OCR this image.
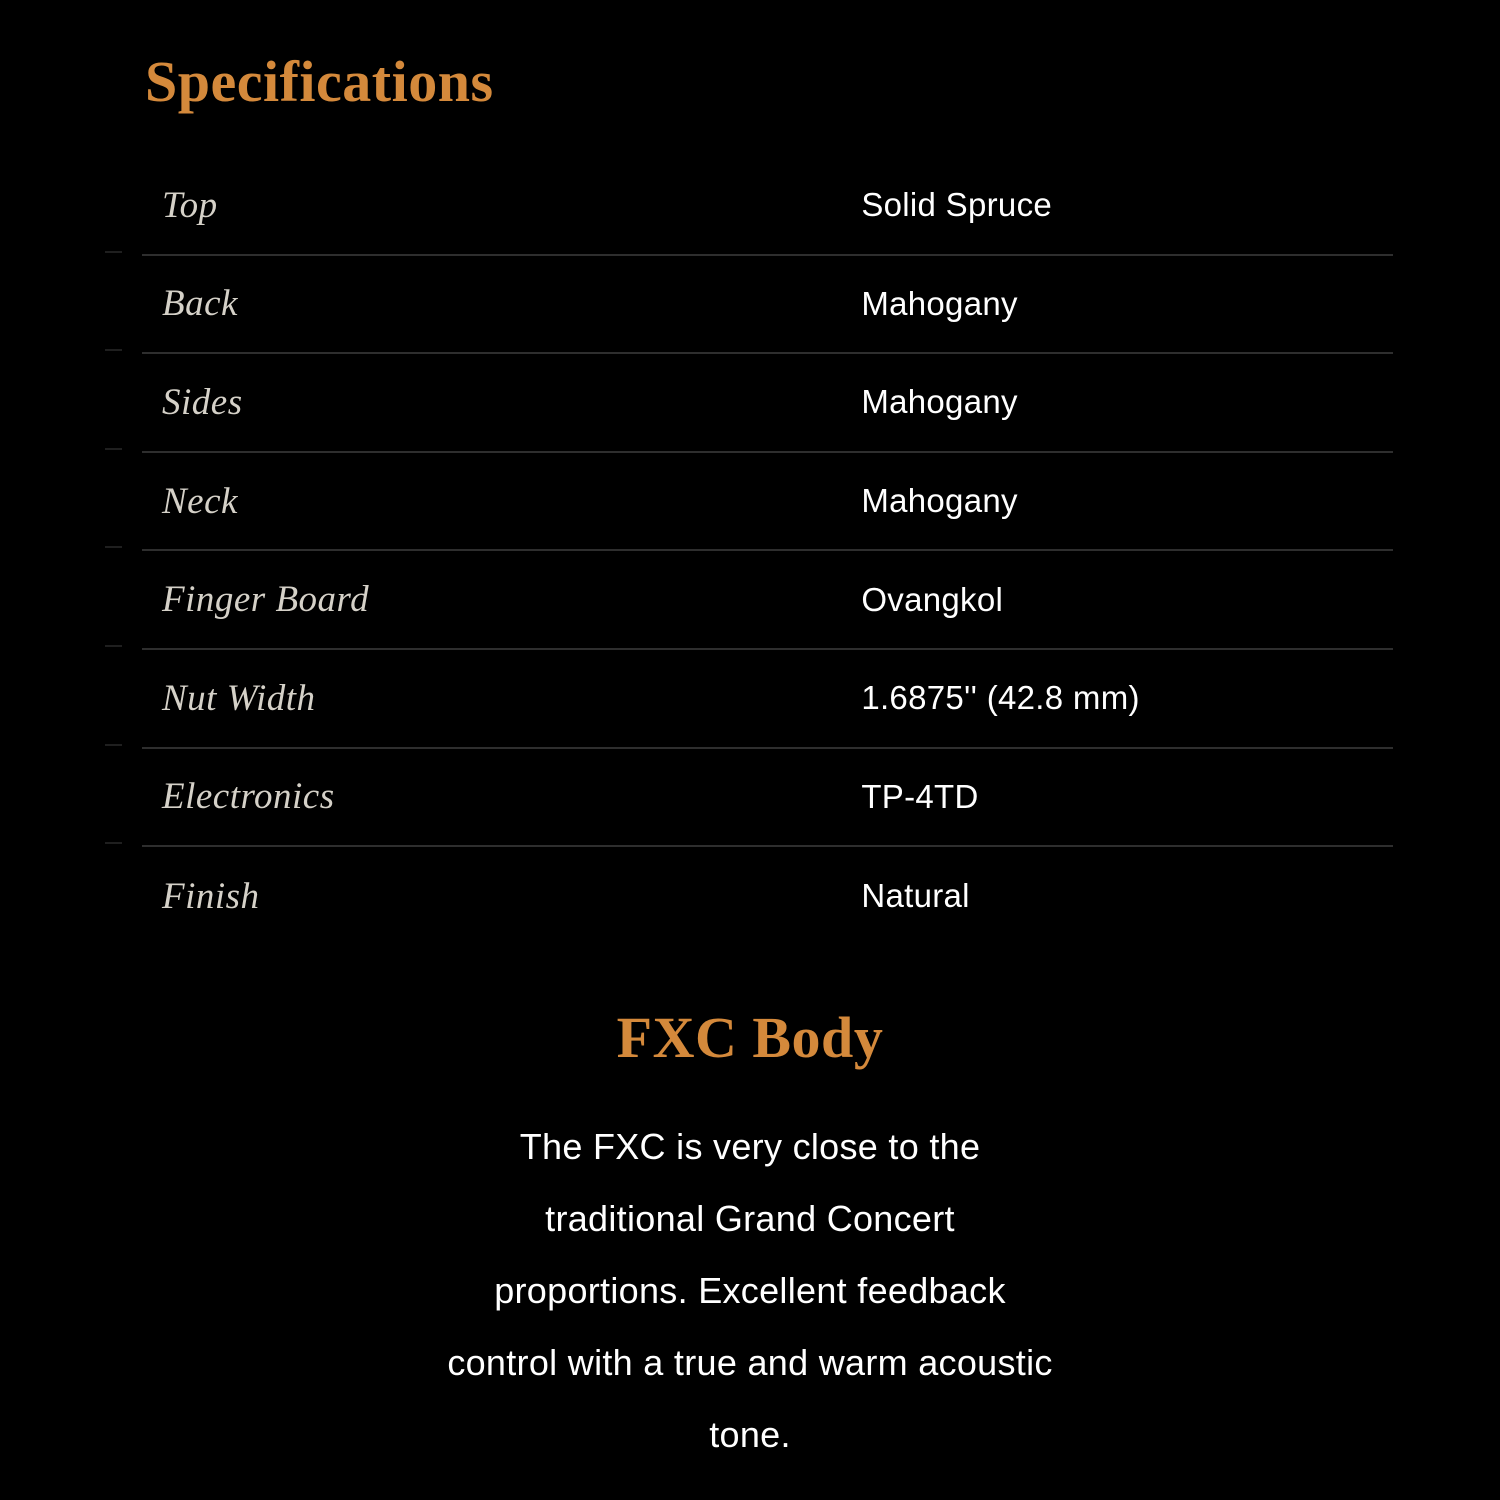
Specifications
Top	Solid Spruce
Back	Mahogany
Sides	Mahogany
Neck	Mahogany
Finger Board	Ovangkol
Nut Width	1.6875'' (42.8 mm)
Electronics	TP-4TD
Finish	Natural
FXC Body
The FXC is very close to the
traditional Grand Concert
proportions. Excellent feedback
control with a true and warm acoustic
tone.
